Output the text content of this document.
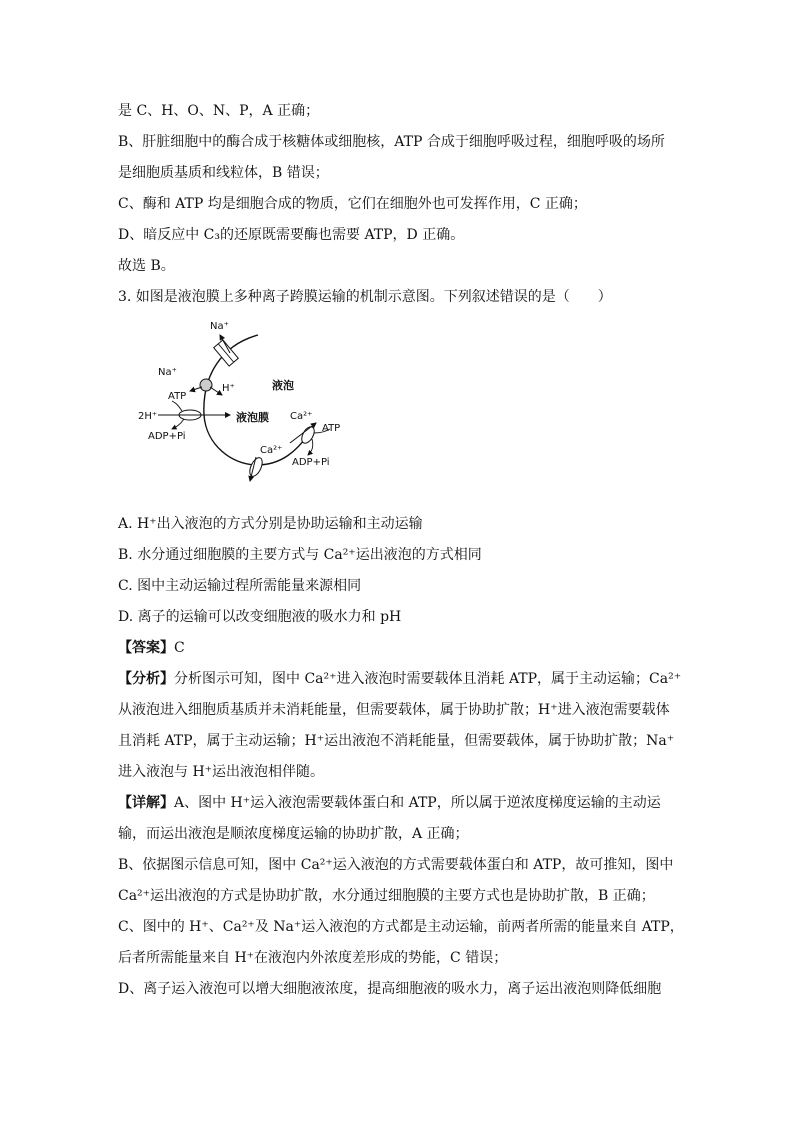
是 C、H、O、N、P，A 正确；
B、肝脏细胞中的酶合成于核糖体或细胞核，ATP 合成于细胞呼吸过程，细胞呼吸的场所
是细胞质基质和线粒体，B 错误；
C、酶和 ATP 均是细胞合成的物质，它们在细胞外也可发挥作用，C 正确；
D、暗反应中 C₃的还原既需要酶也需要 ATP，D 正确。
故选 B。
3. 如图是液泡膜上多种离子跨膜运输的机制示意图。下列叙述错误的是（　　）
Na⁺
Na⁺
H⁺
ATP
2H⁺
ADP+Pi
液泡
液泡膜
Ca²⁺
Ca²⁺
ATP
ADP+Pi
A. H⁺出入液泡的方式分别是协助运输和主动运输
B. 水分通过细胞膜的主要方式与 Ca²⁺运出液泡的方式相同
C. 图中主动运输过程所需能量来源相同
D. 离子的运输可以改变细胞液的吸水力和 pH
【答案】C
【分析】分析图示可知，图中 Ca²⁺进入液泡时需要载体且消耗 ATP，属于主动运输；Ca²⁺
从液泡进入细胞质基质并未消耗能量，但需要载体，属于协助扩散；H⁺进入液泡需要载体
且消耗 ATP，属于主动运输；H⁺运出液泡不消耗能量，但需要载体，属于协助扩散；Na⁺
进入液泡与 H⁺运出液泡相伴随。
【详解】A、图中 H⁺运入液泡需要载体蛋白和 ATP，所以属于逆浓度梯度运输的主动运
输，而运出液泡是顺浓度梯度运输的协助扩散，A 正确；
B、依据图示信息可知，图中 Ca²⁺运入液泡的方式需要载体蛋白和 ATP，故可推知，图中
Ca²⁺运出液泡的方式是协助扩散，水分通过细胞膜的主要方式也是协助扩散，B 正确；
C、图中的 H⁺、Ca²⁺及 Na⁺运入液泡的方式都是主动运输，前两者所需的能量来自 ATP，
后者所需能量来自 H⁺在液泡内外浓度差形成的势能，C 错误；
D、离子运入液泡可以增大细胞液浓度，提高细胞液的吸水力，离子运出液泡则降低细胞
